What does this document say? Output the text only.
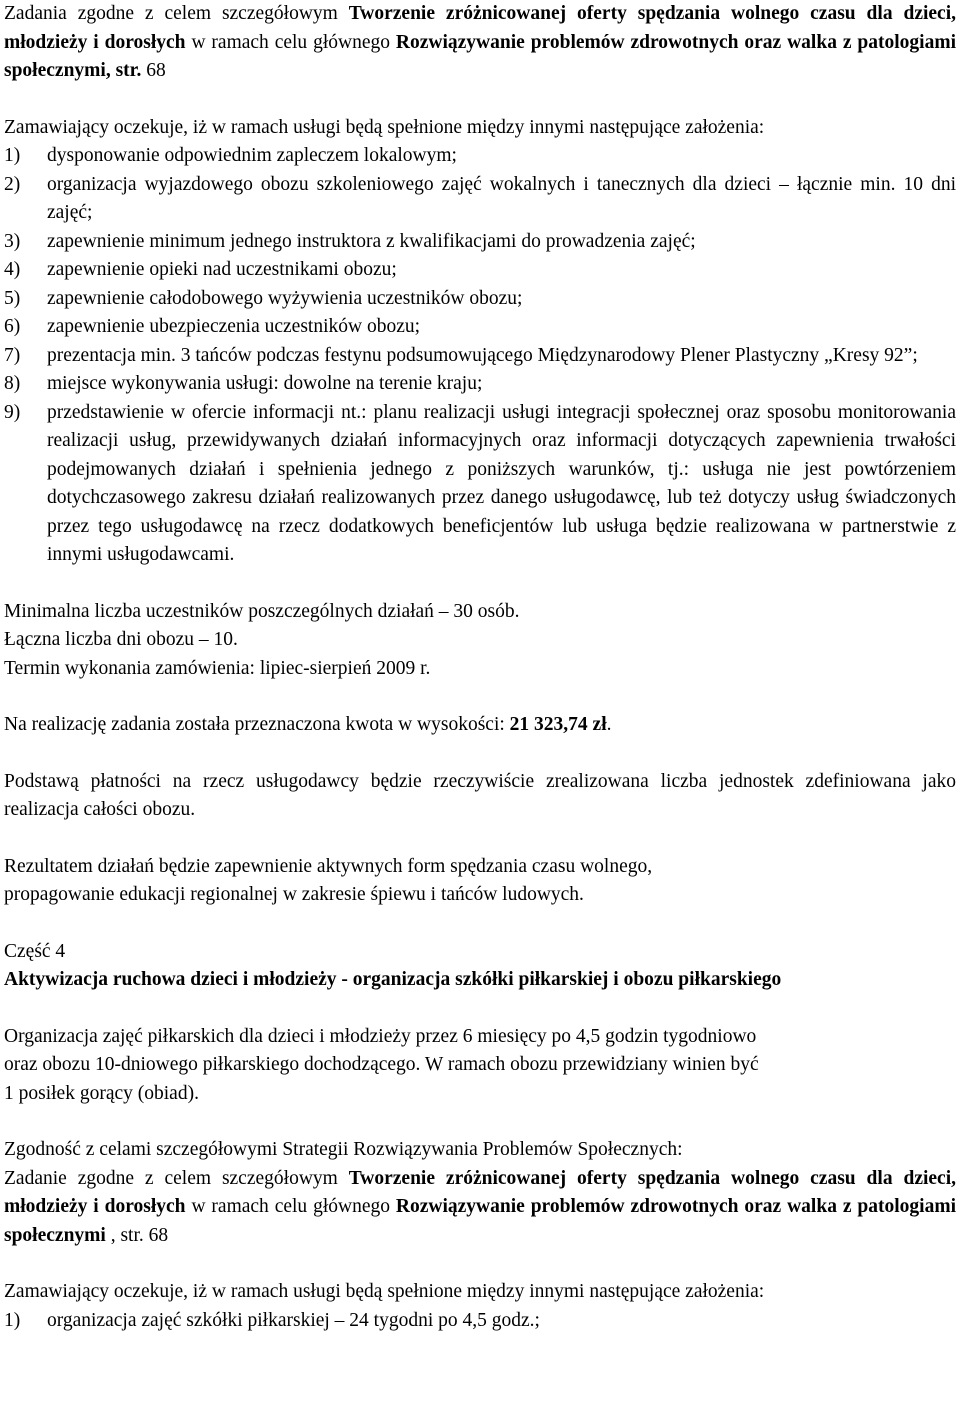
Zadania zgodne z celem szczegółowym Tworzenie zróżnicowanej oferty spędzania wolnego czasu dla dzieci, młodzieży i dorosłych w ramach celu głównego Rozwiązywanie problemów zdrowotnych oraz walka z patologiami społecznymi, str. 68

Zamawiający oczekuje, iż w ramach usługi będą spełnione między innymi następujące założenia:

1)	dysponowanie odpowiednim zapleczem lokalowym;
2)	organizacja wyjazdowego obozu szkoleniowego zajęć wokalnych i tanecznych dla dzieci – łącznie min. 10 dni zajęć;
3)	zapewnienie minimum jednego instruktora z kwalifikacjami do prowadzenia zajęć;
4)	zapewnienie opieki nad uczestnikami obozu;
5)	zapewnienie całodobowego wyżywienia uczestników obozu;
6)	zapewnienie ubezpieczenia uczestników obozu;
7)	prezentacja min. 3 tańców podczas festynu podsumowującego Międzynarodowy Plener Plastyczny „Kresy 92”;
8)	miejsce wykonywania usługi: dowolne na terenie kraju;
9)	przedstawienie w ofercie informacji nt.: planu realizacji usługi integracji społecznej oraz sposobu monitorowania realizacji usług, przewidywanych działań informacyjnych oraz informacji dotyczących zapewnienia trwałości podejmowanych działań i spełnienia jednego z poniższych warunków, tj.: usługa nie jest powtórzeniem dotychczasowego zakresu działań realizowanych przez danego usługodawcę, lub też dotyczy usług świadczonych przez tego usługodawcę na rzecz dodatkowych beneficjentów lub usługa będzie realizowana w partnerstwie z innymi usługodawcami.

Minimalna liczba uczestników poszczególnych działań – 30 osób.

Łączna liczba dni obozu – 10.

Termin wykonania zamówienia: lipiec-sierpień 2009 r.

Na realizację zadania została przeznaczona kwota w wysokości: 21 323,74 zł.

Podstawą płatności na rzecz usługodawcy będzie rzeczywiście zrealizowana liczba jednostek zdefiniowana jako realizacja całości obozu.

Rezultatem działań będzie zapewnienie aktywnych form spędzania czasu wolnego,

propagowanie edukacji regionalnej w zakresie śpiewu i tańców ludowych.

Część 4

Aktywizacja ruchowa dzieci i młodzieży - organizacja szkółki piłkarskiej i obozu piłkarskiego

Organizacja zajęć piłkarskich dla dzieci i młodzieży przez 6 miesięcy po 4,5 godzin tygodniowo

oraz obozu 10-dniowego piłkarskiego dochodzącego. W ramach obozu przewidziany winien być

1 posiłek gorący (obiad).

Zgodność z celami szczegółowymi Strategii Rozwiązywania Problemów Społecznych:

Zadanie zgodne z celem szczegółowym Tworzenie zróżnicowanej oferty spędzania wolnego czasu dla dzieci, młodzieży i dorosłych w ramach celu głównego Rozwiązywanie problemów zdrowotnych oraz walka z patologiami społecznymi , str. 68

Zamawiający oczekuje, iż w ramach usługi będą spełnione między innymi następujące założenia:

1)	organizacja zajęć szkółki piłkarskiej – 24 tygodni po 4,5 godz.;
